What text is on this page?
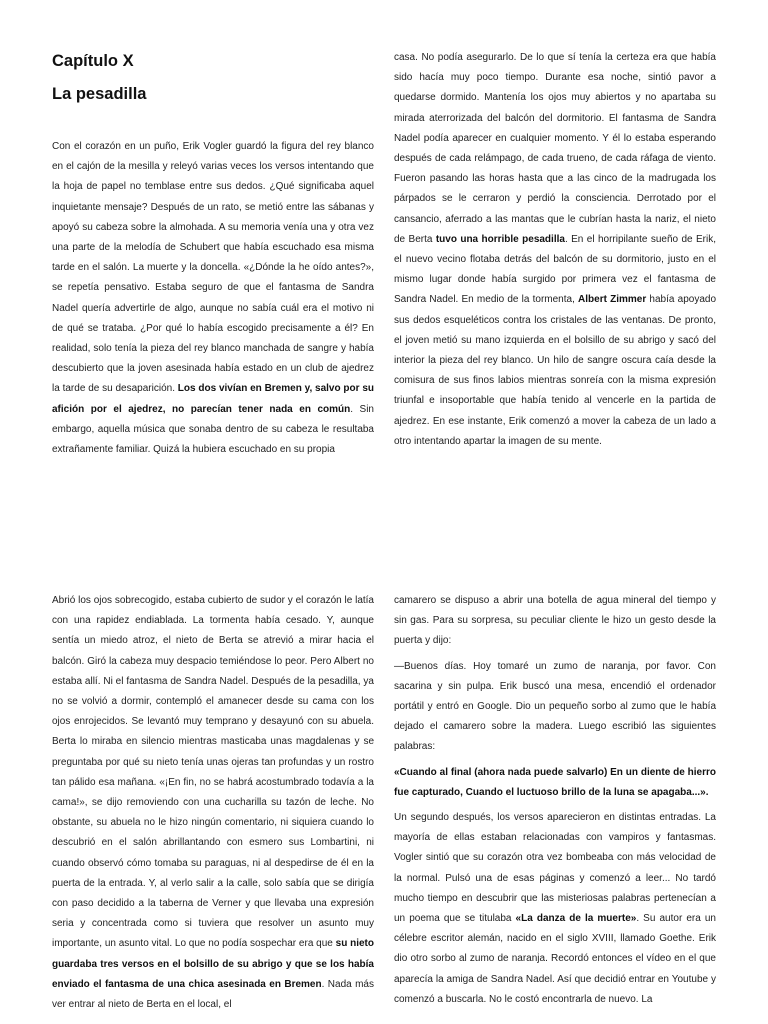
Capítulo X
La pesadilla

Con el corazón en un puño, Erik Vogler guardó la figura del rey blanco en el cajón de la mesilla y releyó varias veces los versos intentando que la hoja de papel no temblase entre sus dedos. ¿Qué significaba aquel inquietante mensaje? Después de un rato, se metió entre las sábanas y apoyó su cabeza sobre la almohada. A su memoria venía una y otra vez una parte de la melodía de Schubert que había escuchado esa misma tarde en el salón. La muerte y la doncella. «¿Dónde la he oído antes?», se repetía pensativo. Estaba seguro de que el fantasma de Sandra Nadel quería advertirle de algo, aunque no sabía cuál era el motivo ni de qué se trataba. ¿Por qué lo había escogido precisamente a él? En realidad, solo tenía la pieza del rey blanco manchada de sangre y había descubierto que la joven asesinada había estado en un club de ajedrez la tarde de su desaparición. Los dos vivían en Bremen y, salvo por su afición por el ajedrez, no parecían tener nada en común. Sin embargo, aquella música que sonaba dentro de su cabeza le resultaba extrañamente familiar. Quizá la hubiera escuchado en su propia

casa. No podía asegurarlo. De lo que sí tenía la certeza era que había sido hacía muy poco tiempo. Durante esa noche, sintió pavor a quedarse dormido. Mantenía los ojos muy abiertos y no apartaba su mirada aterrorizada del balcón del dormitorio. El fantasma de Sandra Nadel podía aparecer en cualquier momento. Y él lo estaba esperando después de cada relámpago, de cada trueno, de cada ráfaga de viento. Fueron pasando las horas hasta que a las cinco de la madrugada los párpados se le cerraron y perdió la consciencia. Derrotado por el cansancio, aferrado a las mantas que le cubrían hasta la nariz, el nieto de Berta tuvo una horrible pesadilla. En el horripilante sueño de Erik, el nuevo vecino flotaba detrás del balcón de su dormitorio, justo en el mismo lugar donde había surgido por primera vez el fantasma de Sandra Nadel. En medio de la tormenta, Albert Zimmer había apoyado sus dedos esqueléticos contra los cristales de las ventanas. De pronto, el joven metió su mano izquierda en el bolsillo de su abrigo y sacó del interior la pieza del rey blanco. Un hilo de sangre oscura caía desde la comisura de sus finos labios mientras sonreía con la misma expresión triunfal e insoportable que había tenido al vencerle en la partida de ajedrez. En ese instante, Erik comenzó a mover la cabeza de un lado a otro intentando apartar la imagen de su mente.

Abrió los ojos sobrecogido, estaba cubierto de sudor y el corazón le latía con una rapidez endiablada. La tormenta había cesado. Y, aunque sentía un miedo atroz, el nieto de Berta se atrevió a mirar hacia el balcón. Giró la cabeza muy despacio temiéndose lo peor. Pero Albert no estaba allí. Ni el fantasma de Sandra Nadel. Después de la pesadilla, ya no se volvió a dormir, contempló el amanecer desde su cama con los ojos enrojecidos. Se levantó muy temprano y desayunó con su abuela. Berta lo miraba en silencio mientras masticaba unas magdalenas y se preguntaba por qué su nieto tenía unas ojeras tan profundas y un rostro tan pálido esa mañana. «¡En fin, no se habrá acostumbrado todavía a la cama!», se dijo removiendo con una cucharilla su tazón de leche. No obstante, su abuela no le hizo ningún comentario, ni siquiera cuando lo descubrió en el salón abrillantando con esmero sus Lombartini, ni cuando observó cómo tomaba su paraguas, ni al despedirse de él en la puerta de la entrada. Y, al verlo salir a la calle, solo sabía que se dirigía con paso decidido a la taberna de Verner y que llevaba una expresión seria y concentrada como si tuviera que resolver un asunto muy importante, un asunto vital. Lo que no podía sospechar era que su nieto guardaba tres versos en el bolsillo de su abrigo y que se los había enviado el fantasma de una chica asesinada en Bremen. Nada más ver entrar al nieto de Berta en el local, el

camarero se dispuso a abrir una botella de agua mineral del tiempo y sin gas. Para su sorpresa, su peculiar cliente le hizo un gesto desde la puerta y dijo:

—Buenos días. Hoy tomaré un zumo de naranja, por favor. Con sacarina y sin pulpa. Erik buscó una mesa, encendió el ordenador portátil y entró en Google. Dio un pequeño sorbo al zumo que le había dejado el camarero sobre la madera. Luego escribió las siguientes palabras:

«Cuando al final (ahora nada puede salvarlo) En un diente de hierro fue capturado, Cuando el luctuoso brillo de la luna se apagaba...».

Un segundo después, los versos aparecieron en distintas entradas. La mayoría de ellas estaban relacionadas con vampiros y fantasmas. Vogler sintió que su corazón otra vez bombeaba con más velocidad de la normal. Pulsó una de esas páginas y comenzó a leer... No tardó mucho tiempo en descubrir que las misteriosas palabras pertenecían a un poema que se titulaba «La danza de la muerte». Su autor era un célebre escritor alemán, nacido en el siglo XVIII, llamado Goethe. Erik dio otro sorbo al zumo de naranja. Recordó entonces el vídeo en el que aparecía la amiga de Sandra Nadel. Así que decidió entrar en Youtube y comenzó a buscarla. No le costó encontrarla de nuevo. La
